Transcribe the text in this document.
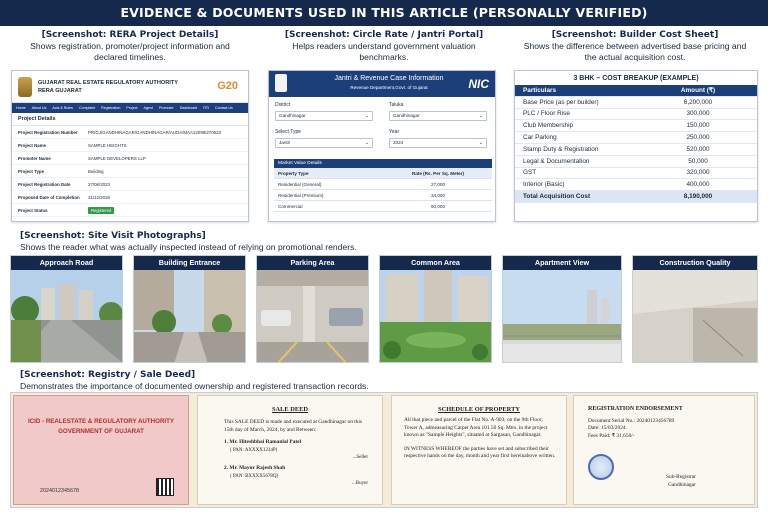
EVIDENCE & DOCUMENTS USED IN THIS ARTICLE (PERSONALLY VERIFIED)
[Screenshot: RERA Project Details]
Shows registration, promoter/project information and declared timelines.
GUJARAT REAL ESTATE REGULATORY AUTHORITY
RERA GUJARAT	G20
Home About Us Acts & Rules Complaint Registration Project Agent Promoter Dashboard RTI Contact Us
Project Details
Project Registration Number	PR/GJ/GANDHINAGAR/GANDHINAGAR/AUDA/MAA12098/270623
Project Name	SAMPLE HEIGHTS
Promoter Name	SAMPLE DEVELOPERS LLP
Project Type	Building
Project Registration Date	27/06/2023
Proposed Date of Completion	31/12/2026
Project Status	Registered
[Screenshot: Circle Rate / Jantri Portal]
Helps readers understand government valuation benchmarks.
Jantri & Revenue Case Information
Revenue Department,Govt. of Gujarat	NIC
District
Gandhinagar	⌄
Taluka
Gandhinagar	⌄
Select Type
Jantri	⌄
Year
2024	⌄
Market Value Details
Property Type	Rate (Rs. Per Sq. Meter)
Residential (General)	27,000
Residential (Premium)	34,000
Commercial	60,000
[Screenshot: Builder Cost Sheet]
Shows the difference between advertised base pricing and the actual acquisition cost.
3 BHK – COST BREAKUP (EXAMPLE)
Particulars	Amount (₹)
Base Price (as per builder)	6,200,000
PLC / Floor Rise	300,000
Club Membership	150,000
Car Parking	250,000
Stamp Duty & Registration	520,000
Legal & Documentation	50,000
GST	320,000
Interior (Basic)	400,000
Total Acquisition Cost	8,190,000
[Screenshot: Site Visit Photographs]
Shows the reader what was actually inspected instead of relying on promotional renders.
Approach Road	Building Entrance	Parking Area	Common Area	Apartment View	Construction Quality
[Screenshot: Registry / Sale Deed]
Demonstrates the importance of documented ownership and registered transaction records.
ICID - REALESTATE & REGULATORY AUTHORITY
GOVERNMENT OF GUJARAT
2024012345678
SALE DEED
This SALE DEED is made and executed at Gandhinagar on this 15th day of March, 2024, by and Between:
1. Mr. Hiteshbhai Ramanlal Patel
( PAN: AXXXX1234P)
...Seller
2. Mr. Mayur Rajesh Shah
( PAN: BXXXX5678Q)
...Buyer
SCHEDULE OF PROPERTY
All that piece and parcel of the Flat No. A-903, on the 9th Floor, Tower A, admeasuring Carpet Area 101.50 Sq. Mtrs. in the project known as "Sample Heights", situated at Sargasan, Gandhinagar.
IN WITNESS WHEREOF the parties have set and subscribed their respective hands on the day, month and year first hereinabove written.
REGISTRATION ENDORSEMENT
Document Serial No.: 20240123456789
Date: 15/03/2024
Fees Paid: ₹ 31,650/-
Sub-Registrar
Gandhinagar
